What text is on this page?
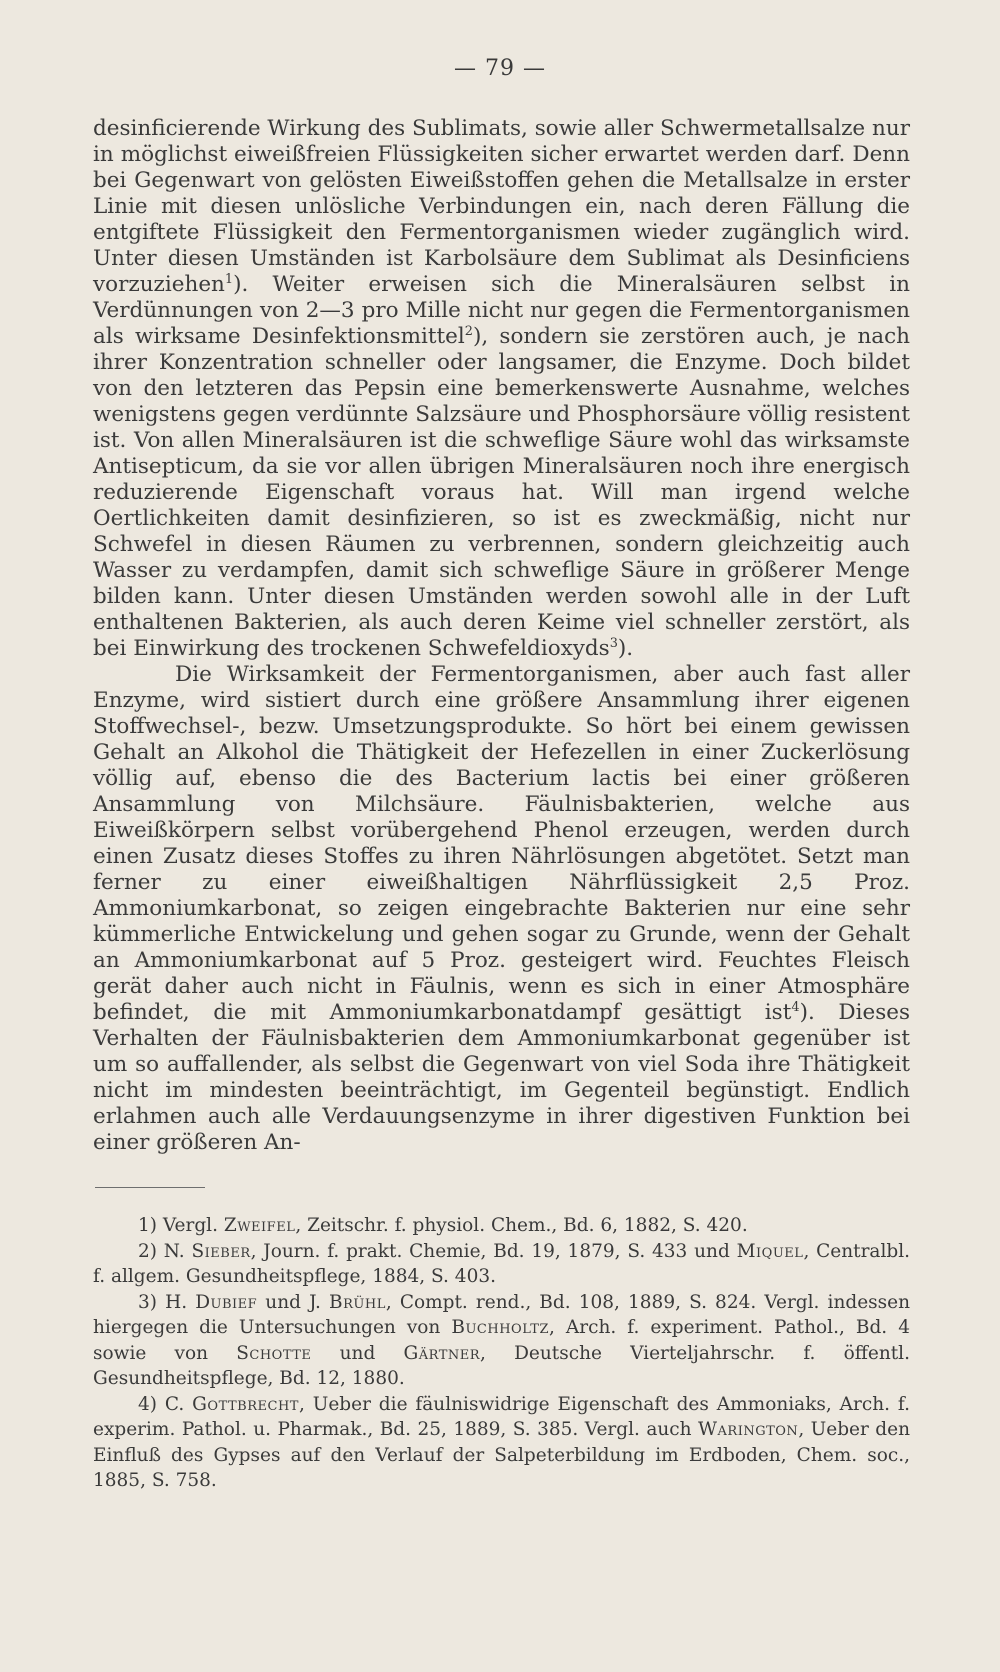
— 79 —

desinficierende Wirkung des Sublimats, sowie aller Schwermetallsalze nur in möglichst eiweißfreien Flüssigkeiten sicher erwartet werden darf. Denn bei Gegenwart von gelösten Eiweißstoffen gehen die Metallsalze in erster Linie mit diesen unlösliche Verbindungen ein, nach deren Fällung die entgiftete Flüssigkeit den Fermentorganismen wieder zugänglich wird. Unter diesen Umständen ist Karbolsäure dem Sublimat als Desinficiens vorzuziehen$^1$). Weiter erweisen sich die Mineralsäuren selbst in Verdünnungen von 2—3 pro Mille nicht nur gegen die Fermentorganismen als wirksame Desinfektionsmittel$^2$), sondern sie zerstören auch, je nach ihrer Konzentration schneller oder langsamer, die Enzyme. Doch bildet von den letzteren das Pepsin eine bemerkenswerte Ausnahme, welches wenigstens gegen verdünnte Salzsäure und Phosphorsäure völlig resistent ist. Von allen Mineralsäuren ist die schweflige Säure wohl das wirksamste Antisepticum, da sie vor allen übrigen Mineralsäuren noch ihre energisch reduzierende Eigenschaft voraus hat. Will man irgend welche Oertlichkeiten damit desinfizieren, so ist es zweckmäßig, nicht nur Schwefel in diesen Räumen zu verbrennen, sondern gleichzeitig auch Wasser zu verdampfen, damit sich schweflige Säure in größerer Menge bilden kann. Unter diesen Umständen werden sowohl alle in der Luft enthaltenen Bakterien, als auch deren Keime viel schneller zerstört, als bei Einwirkung des trockenen Schwefeldioxyds$^3$).

Die Wirksamkeit der Fermentorganismen, aber auch fast aller Enzyme, wird sistiert durch eine größere Ansammlung ihrer eigenen Stoffwechsel-, bezw. Umsetzungsprodukte. So hört bei einem gewissen Gehalt an Alkohol die Thätigkeit der Hefezellen in einer Zuckerlösung völlig auf, ebenso die des Bacterium lactis bei einer größeren Ansammlung von Milchsäure. Fäulnisbakterien, welche aus Eiweißkörpern selbst vorübergehend Phenol erzeugen, werden durch einen Zusatz dieses Stoffes zu ihren Nährlösungen abgetötet. Setzt man ferner zu einer eiweißhaltigen Nährflüssigkeit 2,5 Proz. Ammoniumkarbonat, so zeigen eingebrachte Bakterien nur eine sehr kümmerliche Entwickelung und gehen sogar zu Grunde, wenn der Gehalt an Ammoniumkarbonat auf 5 Proz. gesteigert wird. Feuchtes Fleisch gerät daher auch nicht in Fäulnis, wenn es sich in einer Atmosphäre befindet, die mit Ammoniumkarbonatdampf gesättigt ist$^4$). Dieses Verhalten der Fäulnisbakterien dem Ammoniumkarbonat gegenüber ist um so auffallender, als selbst die Gegenwart von viel Soda ihre Thätigkeit nicht im mindesten beeinträchtigt, im Gegenteil begünstigt. Endlich erlahmen auch alle Verdauungsenzyme in ihrer digestiven Funktion bei einer größeren An-

1) Vergl. Zweifel, Zeitschr. f. physiol. Chem., Bd. 6, 1882, S. 420.

2) N. Sieber, Journ. f. prakt. Chemie, Bd. 19, 1879, S. 433 und Miquel, Centralbl. f. allgem. Gesundheitspflege, 1884, S. 403.

3) H. Dubief und J. Brühl, Compt. rend., Bd. 108, 1889, S. 824. Vergl. indessen hiergegen die Untersuchungen von Buchholtz, Arch. f. experiment. Pathol., Bd. 4 sowie von Schotte und Gärtner, Deutsche Vierteljahrschr. f. öffentl. Gesundheitspflege, Bd. 12, 1880.

4) C. Gottbrecht, Ueber die fäulniswidrige Eigenschaft des Ammoniaks, Arch. f. experim. Pathol. u. Pharmak., Bd. 25, 1889, S. 385. Vergl. auch Warington, Ueber den Einfluß des Gypses auf den Verlauf der Salpeterbildung im Erdboden, Chem. soc., 1885, S. 758.
